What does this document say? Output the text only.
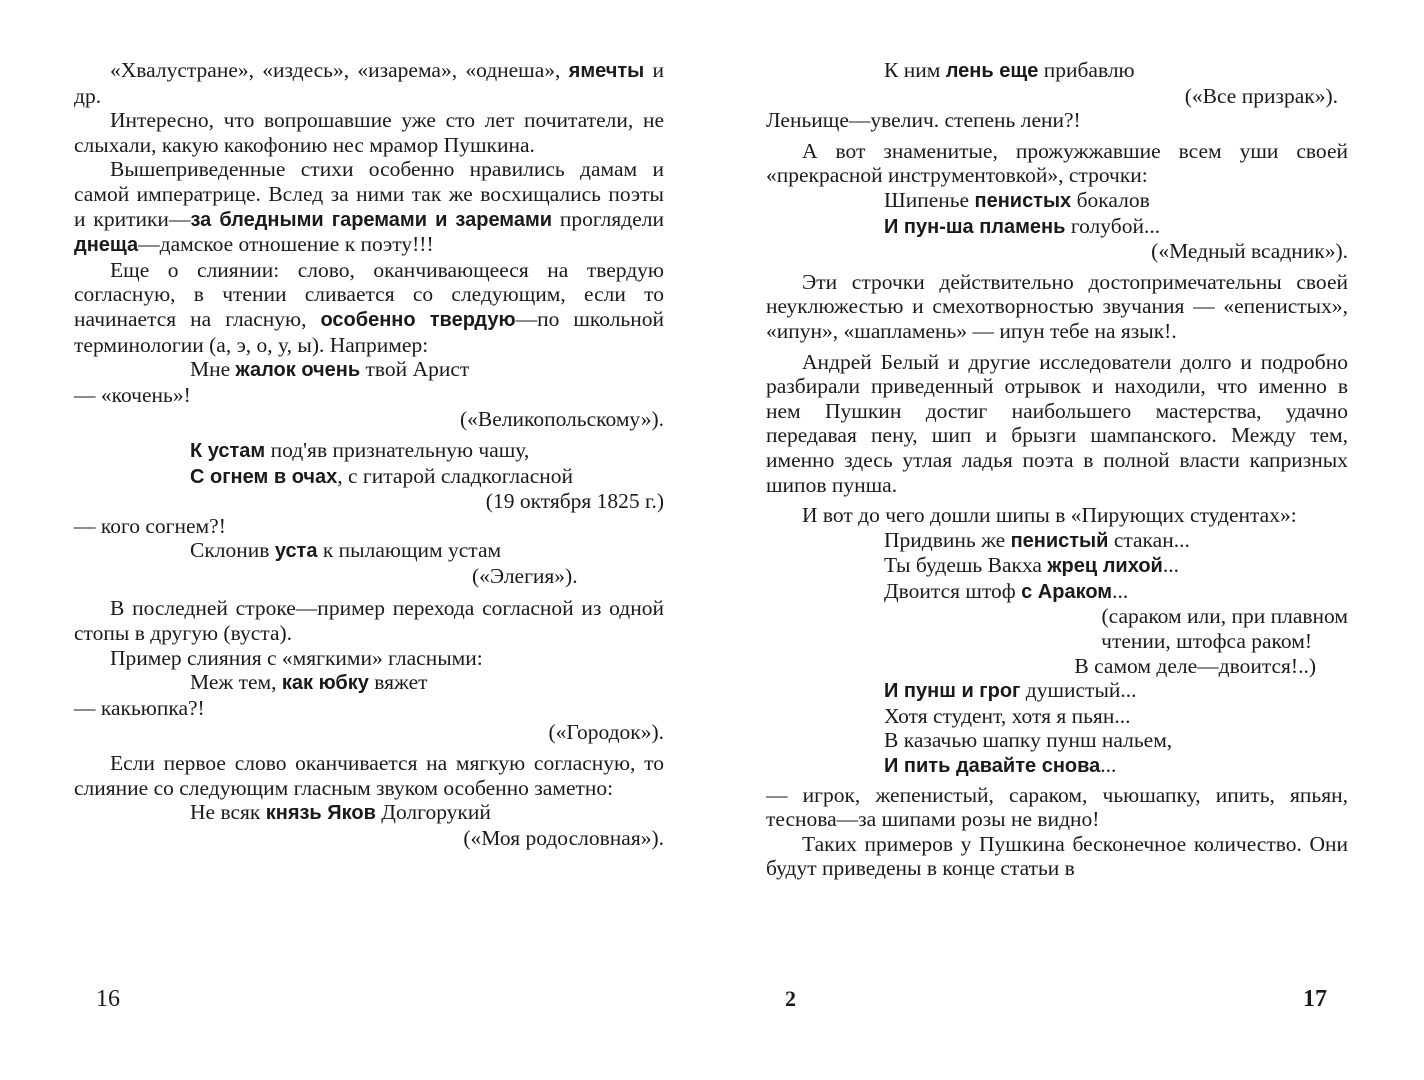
«Хвалустране», «издесь», «изарема», «однеша», ямечты и др.

Интересно, что вопрошавшие уже сто лет почитатели, не слыхали, какую какофонию нес мрамор Пушкина.

Вышеприведенные стихи особенно нравились дамам и самой императрице. Вслед за ними так же восхищались поэты и критики—за бледными гаремами и заремами проглядели днеща—дамское отношение к поэту!!!

Еще о слиянии: слово, оканчивающееся на твердую согласную, в чтении сливается со следующим, если то начинается на гласную, особенно твердую—по школьной терминологии (а, э, о, у, ы). Например:

Мне жалок очень твой Арист

— «кочень»!

(«Великопольскому»).

К устам под'яв признательную чашу,

С огнем в очах, с гитарой сладкогласной

(19 октября 1825 г.)

— кого согнем?!

Склонив уста к пылающим устам

(«Элегия»).

В последней строке—пример перехода согласной из одной стопы в другую (вуста).

Пример слияния с «мягкими» гласными:

Меж тем, как юбку вяжет

— какьюпка?!

(«Городок»).

Если первое слово оканчивается на мягкую согласную, то слияние со следующим гласным звуком особенно заметно:

Не всяк князь Яков Долгорукий

(«Моя родословная»).

К ним лень еще прибавлю

(«Все призрак»).

Леньище—увелич. степень лени?!

А вот знаменитые, прожужжавшие всем уши своей «прекрасной инструментовкой», строчки:

Шипенье пенистых бокалов

И пун-ша пламень голубой...

(«Медный всадник»).

Эти строчки действительно достопримечательны своей неуклюжестью и смехотворностью звучания — «епенистых», «ипун», «шапламень» — ипун тебе на язык!.

Андрей Белый и другие исследователи долго и подробно разбирали приведенный отрывок и находили, что именно в нем Пушкин достиг наибольшего мастерства, удачно передавая пену, шип и брызги шампанского. Между тем, именно здесь утлая ладья поэта в полной власти капризных шипов пунша.

И вот до чего дошли шипы в «Пирующих студентах»:

Придвинь же пенистый стакан...

Ты будешь Вакха жрец лихой...

Двоится штоф с Араком...

(сараком или, при плавном

чтении, штофса раком!

В самом деле—двоится!..)

И пунш и грог душистый...

Хотя студент, хотя я пьян...

В казачью шапку пунш нальем,

И пить давайте снова...

— игрок, жепенистый, сараком, чьюшапку, ипить, япьян, теснова—за шипами розы не видно!

Таких примеров у Пушкина бесконечное количество. Они будут приведены в конце статьи в

16	2	17
